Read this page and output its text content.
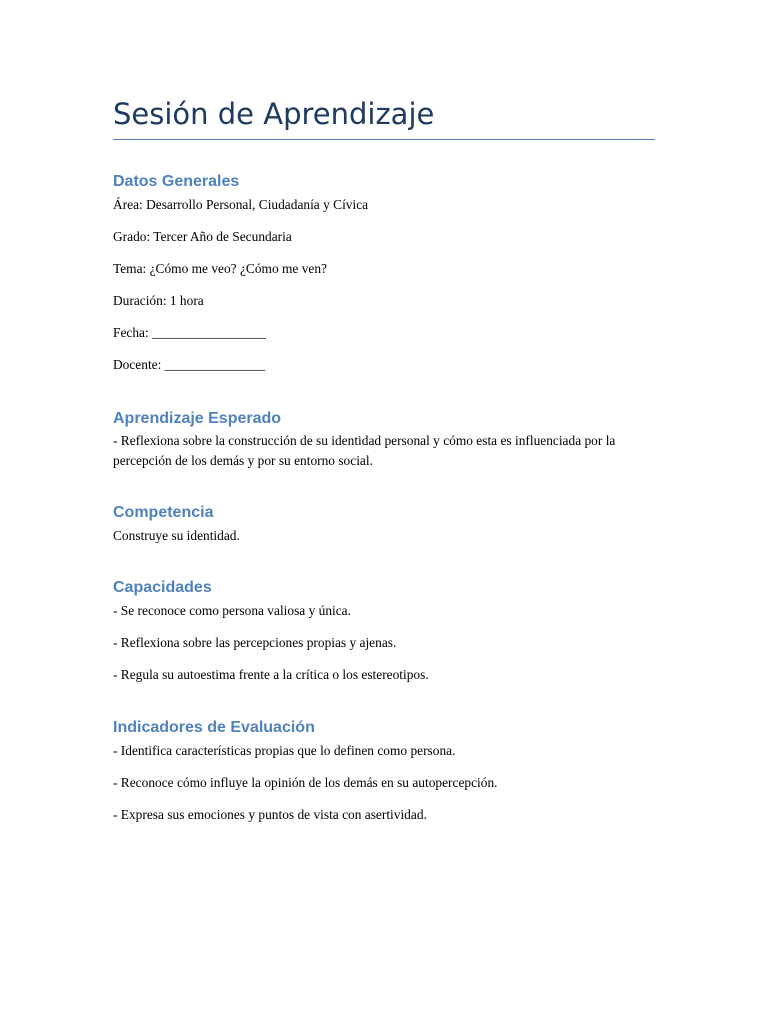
Sesión de Aprendizaje
Datos Generales

Área: Desarrollo Personal, Ciudadanía y Cívica

Grado: Tercer Año de Secundaria

Tema: ¿Cómo me veo? ¿Cómo me ven?

Duración: 1 hora

Fecha: _________________

Docente: _______________

Aprendizaje Esperado

- Reflexiona sobre la construcción de su identidad personal y cómo esta es influenciada por la percepción de los demás y por su entorno social.

Competencia

Construye su identidad.

Capacidades

- Se reconoce como persona valiosa y única.

- Reflexiona sobre las percepciones propias y ajenas.

- Regula su autoestima frente a la crítica o los estereotipos.

Indicadores de Evaluación

- Identifica características propias que lo definen como persona.

- Reconoce cómo influye la opinión de los demás en su autopercepción.

- Expresa sus emociones y puntos de vista con asertividad.
